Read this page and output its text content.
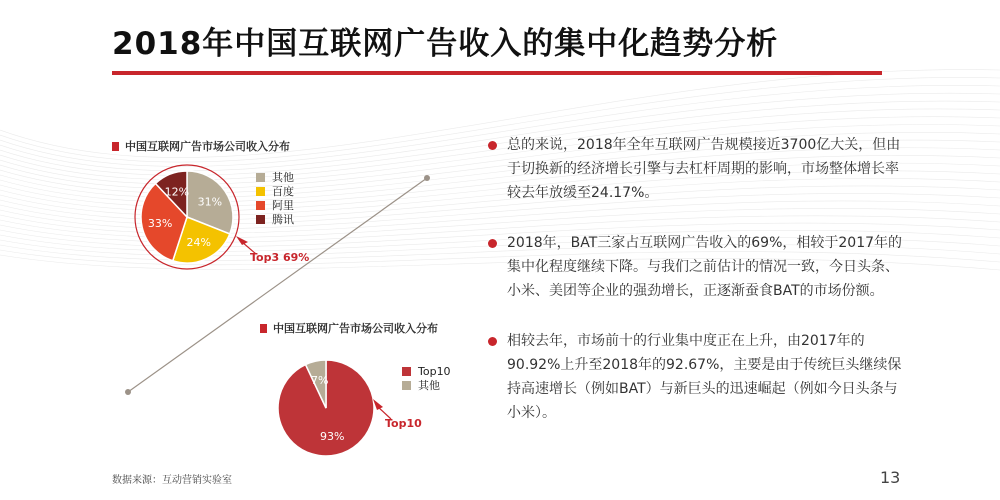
2018年中国互联网广告收入的集中化趋势分析
中国互联网广告市场公司收入分布
31%
24%
33%
12%
其他
百度
阿里
腾讯
Top3 69%
中国互联网广告市场公司收入分布
93%
7%
Top10
其他
Top10

总的来说，2018年全年互联网广告规模接近3700亿大关，但由于切换新的经济增长引擎与去杠杆周期的影响，市场整体增长率较去年放缓至24.17%。

2018年，BAT三家占互联网广告收入的69%，相较于2017年的集中化程度继续下降。与我们之前估计的情况一致，今日头条、小米、美团等企业的强劲增长，正逐渐蚕食BAT的市场份额。

相较去年，市场前十的行业集中度正在上升，由2017年的90.92%上升至2018年的92.67%，主要是由于传统巨头继续保持高速增长（例如BAT）与新巨头的迅速崛起（例如今日头条与小米）。

数据来源：互动营销实验室	13
